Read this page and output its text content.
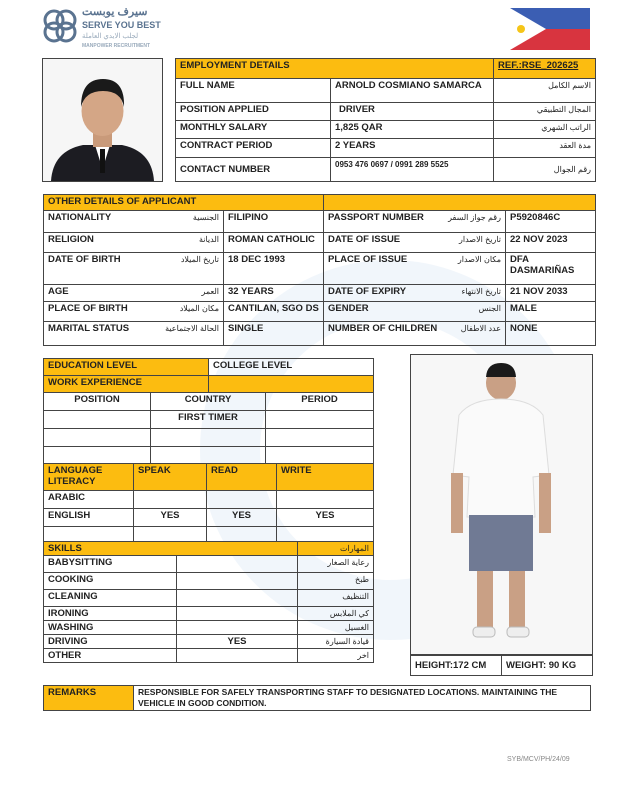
سيرف يوبست
SERVE YOU BEST
لجلب الايدي العاملة
MANPOWER RECRUITMENT
EMPLOYMENT DETAILS		REF.:RSE_202625
FULL NAME	ARNOLD COSMIANO SAMARCA	الاسم الكامل
POSITION APPLIED	DRIVER	المجال التطبيقي
MONTHLY SALARY	1,825 QAR	الراتب الشهري
CONTRACT PERIOD	2 YEARS	مدة العقد
CONTACT NUMBER	0953 476 0697 / 0991 289 5525	رقم الجوال
OTHER DETAILS OF APPLICANT			

NATIONALITY الجنسية	FILIPINO	PASSPORT NUMBER رقم جواز السفر	P5920846C

RELIGION الديانة	ROMAN CATHOLIC	DATE OF ISSUE تاريخ الاصدار	22 NOV 2023

DATE OF BIRTH تاريخ الميلاد	18 DEC 1993	PLACE OF ISSUE مكان الاصدار	DFA DASMARIÑAS

AGE العمر	32 YEARS	DATE OF EXPIRY تاريخ الانتهاء	21 NOV 2033

PLACE OF BIRTH مكان الميلاد	CANTILAN, SGO DS	GENDER الجنس	MALE

MARITAL STATUS الحالة الاجتماعية	SINGLE	NUMBER OF CHILDREN عدد الاطفال	NONE
EDUCATION LEVEL		COLLEGE LEVEL	
WORK EXPERIENCE			
POSITION	COUNTRY		PERIOD
	FIRST TIMER		

LANGUAGE LITERACY	SPEAK	READ	WRITE
ARABIC			
ENGLISH	YES	YES	YES

SKILLS		المهارات
BABYSITTING		رعاية الصغار
COOKING		طبخ
CLEANING		التنظيف
IRONING		كي الملابس
WASHING		الغسيل
DRIVING	YES	قيادة السيارة
OTHER		اخر
HEIGHT:172 CM	WEIGHT: 90 KG
REMARKS	RESPONSIBLE FOR SAFELY TRANSPORTING STAFF TO DESIGNATED LOCATIONS. MAINTAINING THE VEHICLE IN GOOD CONDITION.
SYB/MCV/PH/24/09
